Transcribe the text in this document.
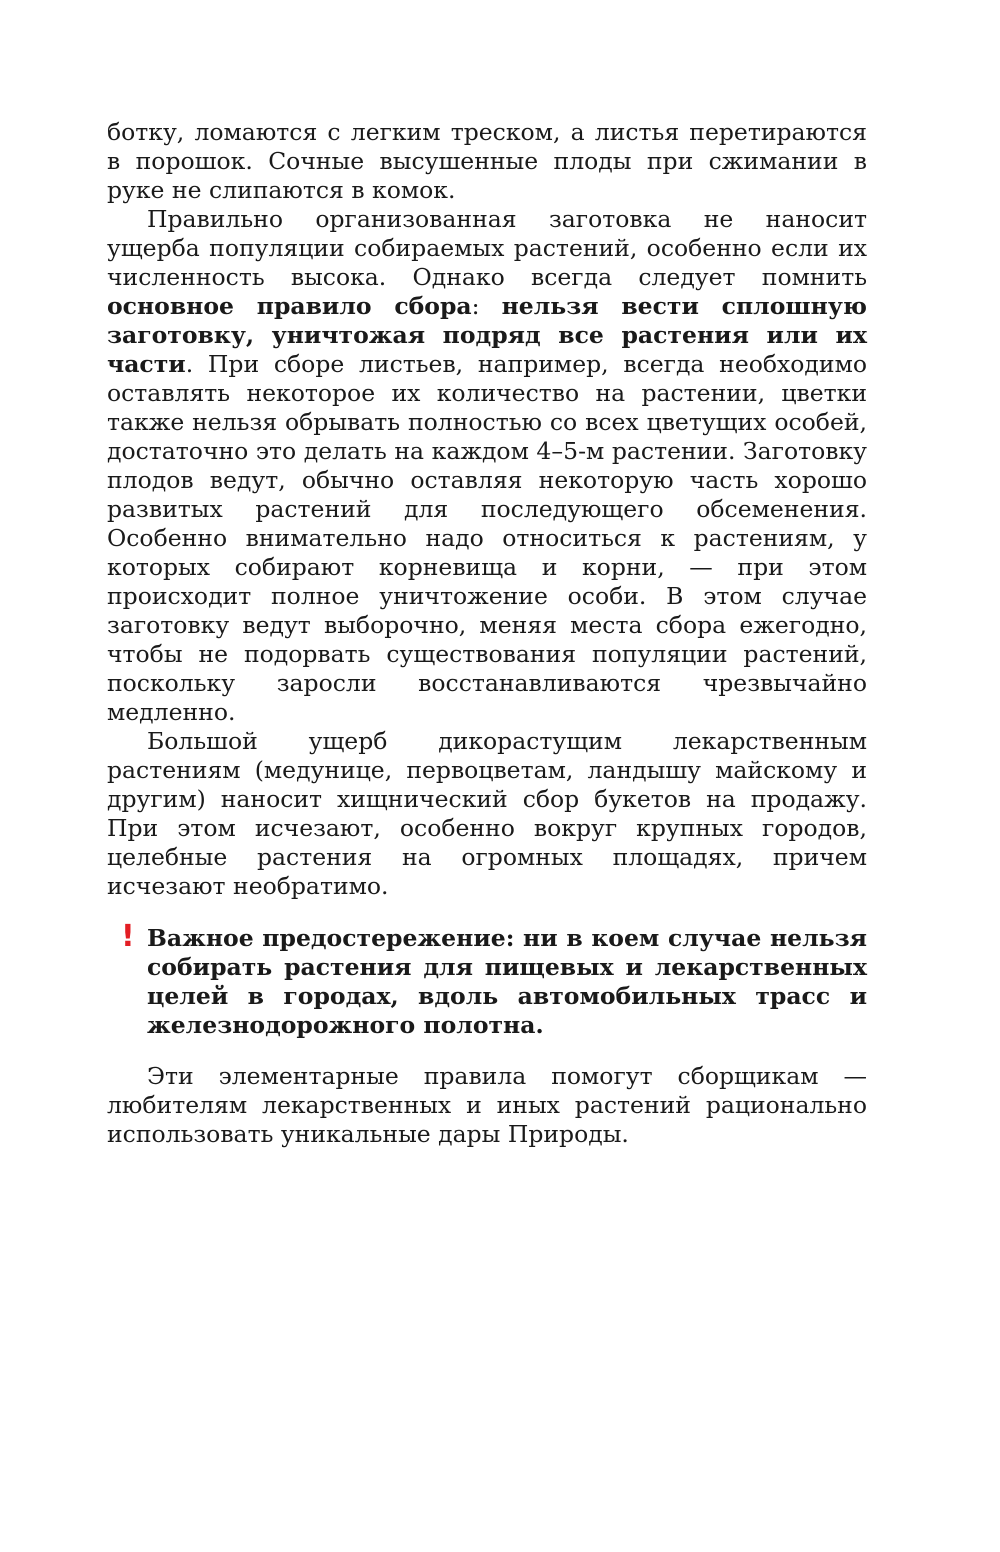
ботку, ломаются с легким треском, а листья перетираются в порошок. Сочные высушенные плоды при сжимании в руке не слипаются в комок.

Правильно организованная заготовка не наносит ущерба популяции собираемых растений, особенно если их численность высока. Однако всегда следует помнить основное правило сбора: нельзя вести сплошную заготовку, уничтожая подряд все растения или их части. При сборе листьев, например, всегда необходимо оставлять некоторое их количество на растении, цветки также нельзя обрывать полностью со всех цветущих особей, достаточно это делать на каждом 4–5-м растении. Заготовку плодов ведут, обычно оставляя некоторую часть хорошо развитых растений для последующего обсеменения. Особенно внимательно надо относиться к растениям, у которых собирают корневища и корни, — при этом происходит полное уничтожение особи. В этом случае заготовку ведут выборочно, меняя места сбора ежегодно, чтобы не подорвать существования популяции растений, поскольку заросли восстанавливаются чрезвычайно медленно.

Большой ущерб дикорастущим лекарственным растениям (медунице, первоцветам, ландышу майскому и другим) наносит хищнический сбор букетов на продажу. При этом исчезают, особенно вокруг крупных городов, целебные растения на огромных площадях, причем исчезают необратимо.

! Важное предостережение: ни в коем случае нельзя собирать растения для пищевых и лекарственных целей в городах, вдоль автомобильных трасс и железнодорожного полотна.

Эти элементарные правила помогут сборщикам — любителям лекарственных и иных растений рационально использовать уникальные дары Природы.
